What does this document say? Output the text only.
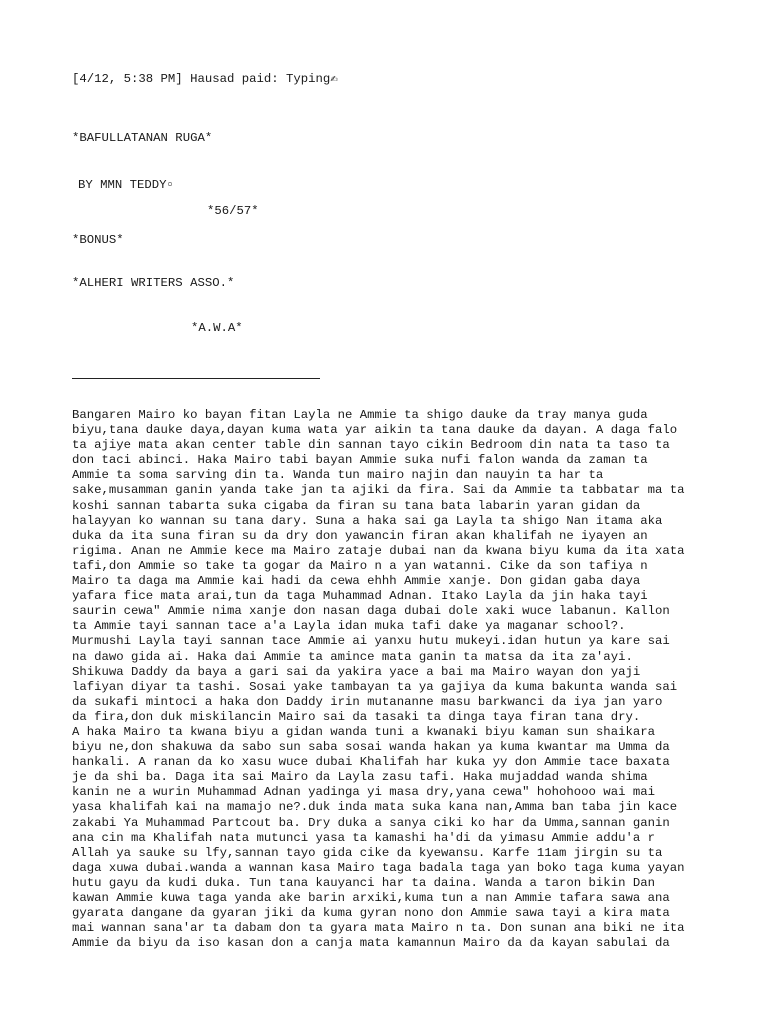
[4/12, 5:38 PM] Hausad paid: Typing✍

*BAFULLATANAN RUGA*

BY MMN TEDDY▫

*56/57*

*BONUS*

*ALHERI WRITERS ASSO.*

*A.W.A*

Bangaren Mairo ko bayan fitan Layla ne Ammie ta shigo dauke da tray manya guda
biyu,tana dauke daya,dayan kuma wata yar aikin ta tana dauke da dayan. A daga falo
ta ajiye mata akan center table din sannan tayo cikin Bedroom din nata ta taso ta
don taci abinci. Haka Mairo tabi bayan Ammie suka nufi falon wanda da zaman ta
Ammie ta soma sarving din ta. Wanda tun mairo najin dan nauyin ta har ta
sake,musamman ganin yanda take jan ta ajiki da fira. Sai da Ammie ta tabbatar ma ta
koshi sannan tabarta suka cigaba da firan su tana bata labarin yaran gidan da
halayyan ko wannan su tana dary. Suna a haka sai ga Layla ta shigo Nan itama aka
duka da ita suna firan su da dry don yawancin firan akan khalifah ne iyayen an
rigima. Anan ne Ammie kece ma Mairo zataje dubai nan da kwana biyu kuma da ita xata
tafi,don Ammie so take ta gogar da Mairo n a yan watanni. Cike da son tafiya n
Mairo ta daga ma Ammie kai hadi da cewa ehhh Ammie xanje. Don gidan gaba daya
yafara fice mata arai,tun da taga Muhammad Adnan. Itako Layla da jin haka tayi
saurin cewa" Ammie nima xanje don nasan daga dubai dole xaki wuce labanun. Kallon
ta Ammie tayi sannan tace a'a Layla idan muka tafi dake ya maganar school?.
Murmushi Layla tayi sannan tace Ammie ai yanxu hutu mukeyi.idan hutun ya kare sai
na dawo gida ai. Haka dai Ammie ta amince mata ganin ta matsa da ita za'ayi.
Shikuwa Daddy da baya a gari sai da yakira yace a bai ma Mairo wayan don yaji
lafiyan diyar ta tashi. Sosai yake tambayan ta ya gajiya da kuma bakunta wanda sai
da sukafi mintoci a haka don Daddy irin mutananne masu barkwanci da iya jan yaro
da fira,don duk miskilancin Mairo sai da tasaki ta dinga taya firan tana dry.
A haka Mairo ta kwana biyu a gidan wanda tuni a kwanaki biyu kaman sun shaikara
biyu ne,don shakuwa da sabo sun saba sosai wanda hakan ya kuma kwantar ma Umma da
hankali. A ranan da ko xasu wuce dubai Khalifah har kuka yy don Ammie tace baxata
je da shi ba. Daga ita sai Mairo da Layla zasu tafi. Haka mujaddad wanda shima
kanin ne a wurin Muhammad Adnan yadinga yi masa dry,yana cewa" hohohooo wai mai
yasa khalifah kai na mamajo ne?.duk inda mata suka kana nan,Amma ban taba jin kace
zakabi Ya Muhammad Partcout ba. Dry duka a sanya ciki ko har da Umma,sannan ganin
ana cin ma Khalifah nata mutunci yasa ta kamashi ha'di da yimasu Ammie addu'a r
Allah ya sauke su lfy,sannan tayo gida cike da kyewansu. Karfe 11am jirgin su ta
daga xuwa dubai.wanda a wannan kasa Mairo taga badala taga yan boko taga kuma yayan
hutu gayu da kudi duka. Tun tana kauyanci har ta daina. Wanda a taron bikin Dan
kawan Ammie kuwa taga yanda ake barin arxiki,kuma tun a nan Ammie tafara sawa ana
gyarata dangane da gyaran jiki da kuma gyran nono don Ammie sawa tayi a kira mata
mai wannan sana'ar ta dabam don ta gyara mata Mairo n ta. Don sunan ana biki ne ita
Ammie da biyu da iso kasan don a canja mata kamannun Mairo da da kayan sabulai da
